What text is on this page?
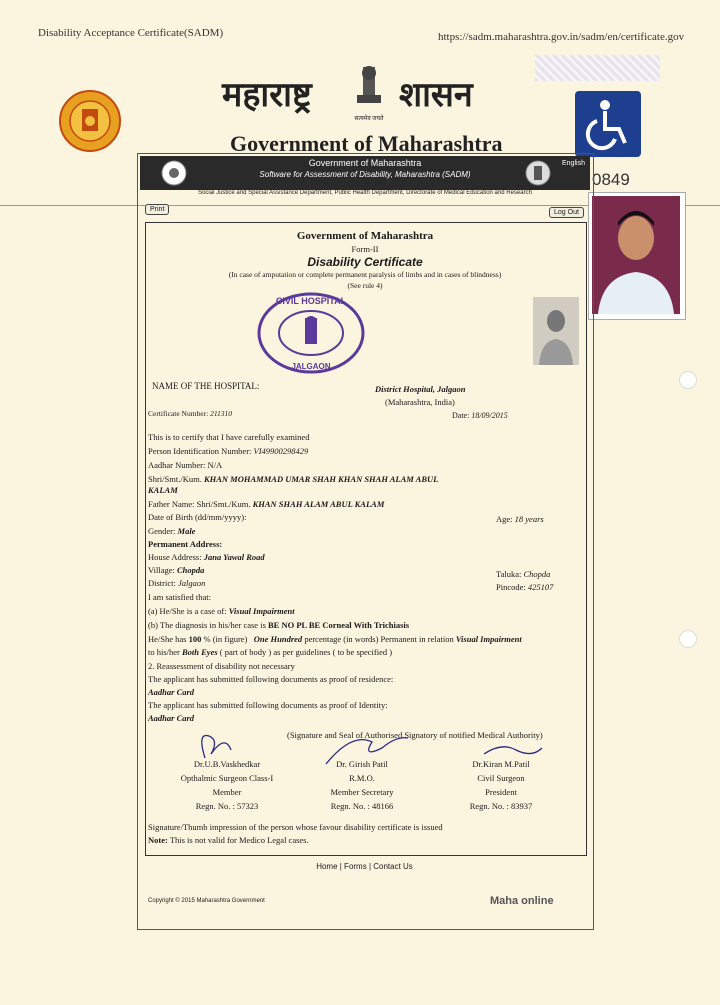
Disability Acceptance Certificate(SADM)	https://sadm.maharashtra.gov.in/sadm/en/certificate.gov
महाराष्ट्र
सत्यमेव जयते
शासन
Government of Maharashtra
0849
Government of Maharashtra
Software for Assessment of Disability, Maharashtra (SADM)
English
Social Justice and Special Assistance Department, Public Health Department, Directorate of Medical Education and Research
Print	Log Out
Government of Maharashtra
Form-II
Disability Certificate
(In case of amputation or complete permanent paralysis of limbs and in cases of blindness)
(See rule 4)
CIVIL HOSPITAL
JALGAON
NAME OF THE HOSPITAL:	District Hospital, Jalgaon
(Maharashtra, India)
Certificate Number: 211310	Date: 18/09/2015
This is to certify that I have carefully examined
Person Identification Number: VI49900298429
Aadhar Number: N/A
Shri/Smt./Kum. KHAN MOHAMMAD UMAR SHAH KHAN SHAH ALAM ABUL
KALAM
Father Name: Shri/Smt./Kum. KHAN SHAH ALAM ABUL KALAM
Date of Birth (dd/mm/yyyy):	Age: 18 years
Gender: Male
Permanent Address:
House Address: Jana Yawal Road
Village: Chopda	Taluka: Chopda
District: Jalgaon	Pincode: 425107
I am satisfied that:
(a) He/She is a case of: Visual Impairment
(b) The diagnosis in his/her case is BE NO PL BE Corneal With Trichiasis
He/She has 100 % (in figure) One Hundred percentage (in words) Permanent in relation Visual Impairment
to his/her Both Eyes ( part of body ) as per guidelines ( to be specified )
2. Reassessment of disability not necessary
The applicant has submitted following documents as proof of residence:
Aadhar Card
The applicant has submitted following documents as proof of Identity:
Aadhar Card
(Signature and Seal of Authorised Signatory of notified Medical Authority)
Dr.U.B.Vaskhedkar
Opthalmic Surgeon Class-I
Member
Regn. No. : 57323
Dr. Girish Patil
R.M.O.
Member Secretary
Regn. No. : 48166
Dr.Kiran M.Patil
Civil Surgeon
President
Regn. No. : 83937
Signature/Thumb impression of the person whose favour disability certificate is issued
Note: This is not valid for Medico Legal cases.
Home | Forms | Contact Us
Copyright © 2015 Maharashtra Government	Maha online
